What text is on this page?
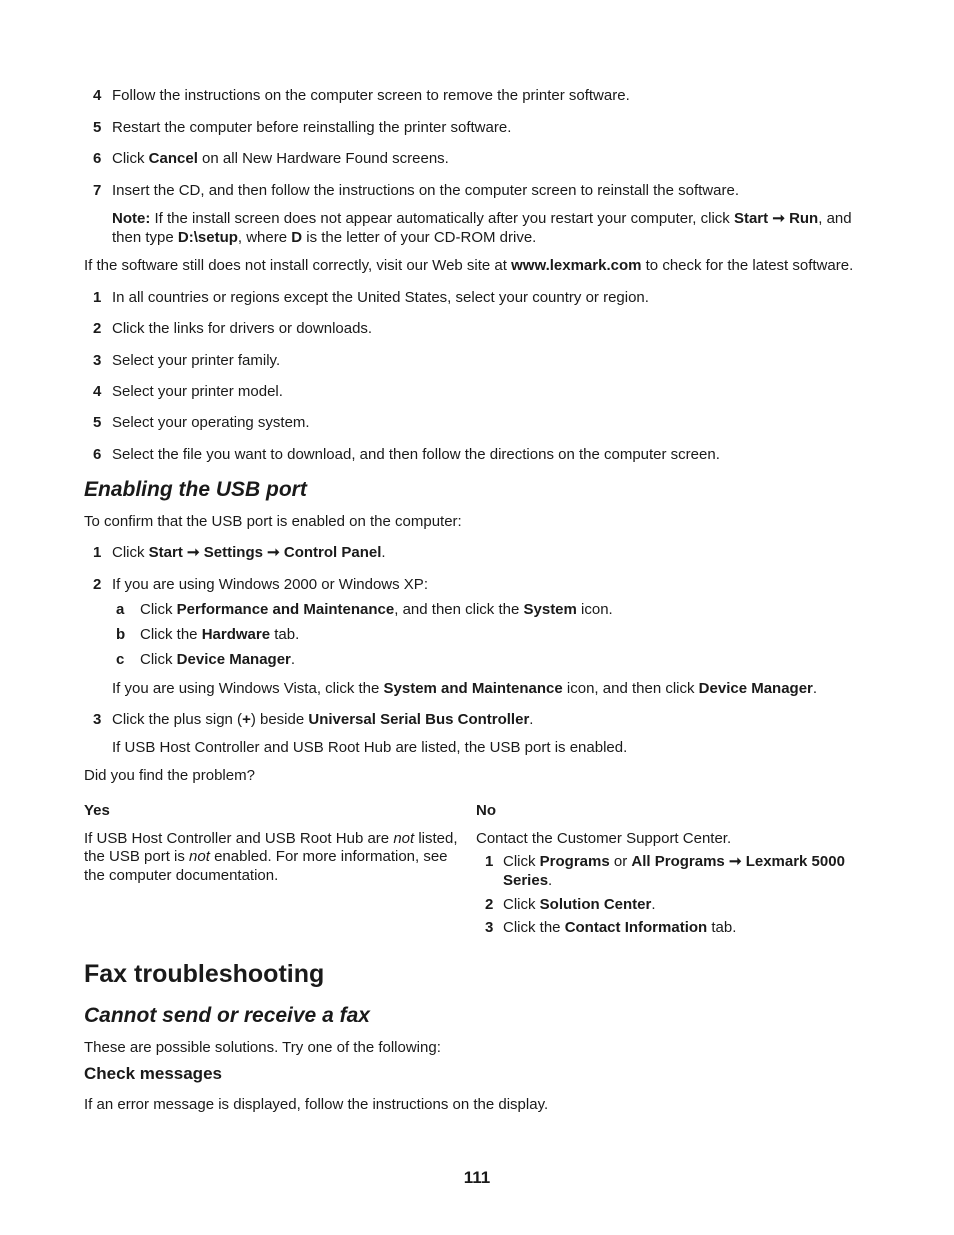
4 Follow the instructions on the computer screen to remove the printer software.
5 Restart the computer before reinstalling the printer software.
6 Click Cancel on all New Hardware Found screens.
7 Insert the CD, and then follow the instructions on the computer screen to reinstall the software.
Note: If the install screen does not appear automatically after you restart your computer, click Start ➞ Run, and
then type D:\setup, where D is the letter of your CD-ROM drive.
If the software still does not install correctly, visit our Web site at www.lexmark.com to check for the latest software.
1 In all countries or regions except the United States, select your country or region.
2 Click the links for drivers or downloads.
3 Select your printer family.
4 Select your printer model.
5 Select your operating system.
6 Select the file you want to download, and then follow the directions on the computer screen.
Enabling the USB port
To confirm that the USB port is enabled on the computer:
1 Click Start ➞ Settings ➞ Control Panel.
2 If you are using Windows 2000 or Windows XP:
a Click Performance and Maintenance, and then click the System icon.
b Click the Hardware tab.
c Click Device Manager.
If you are using Windows Vista, click the System and Maintenance icon, and then click Device Manager.
3 Click the plus sign (+) beside Universal Serial Bus Controller.
If USB Host Controller and USB Root Hub are listed, the USB port is enabled.
Did you find the problem?
Yes	No
If USB Host Controller and USB Root Hub are not listed,
the USB port is not enabled. For more information, see
the computer documentation.
Contact the Customer Support Center.
1 Click Programs or All Programs ➞ Lexmark 5000
Series.
2 Click Solution Center.
3 Click the Contact Information tab.
Fax troubleshooting
Cannot send or receive a fax
These are possible solutions. Try one of the following:
Check messages
If an error message is displayed, follow the instructions on the display.
111
